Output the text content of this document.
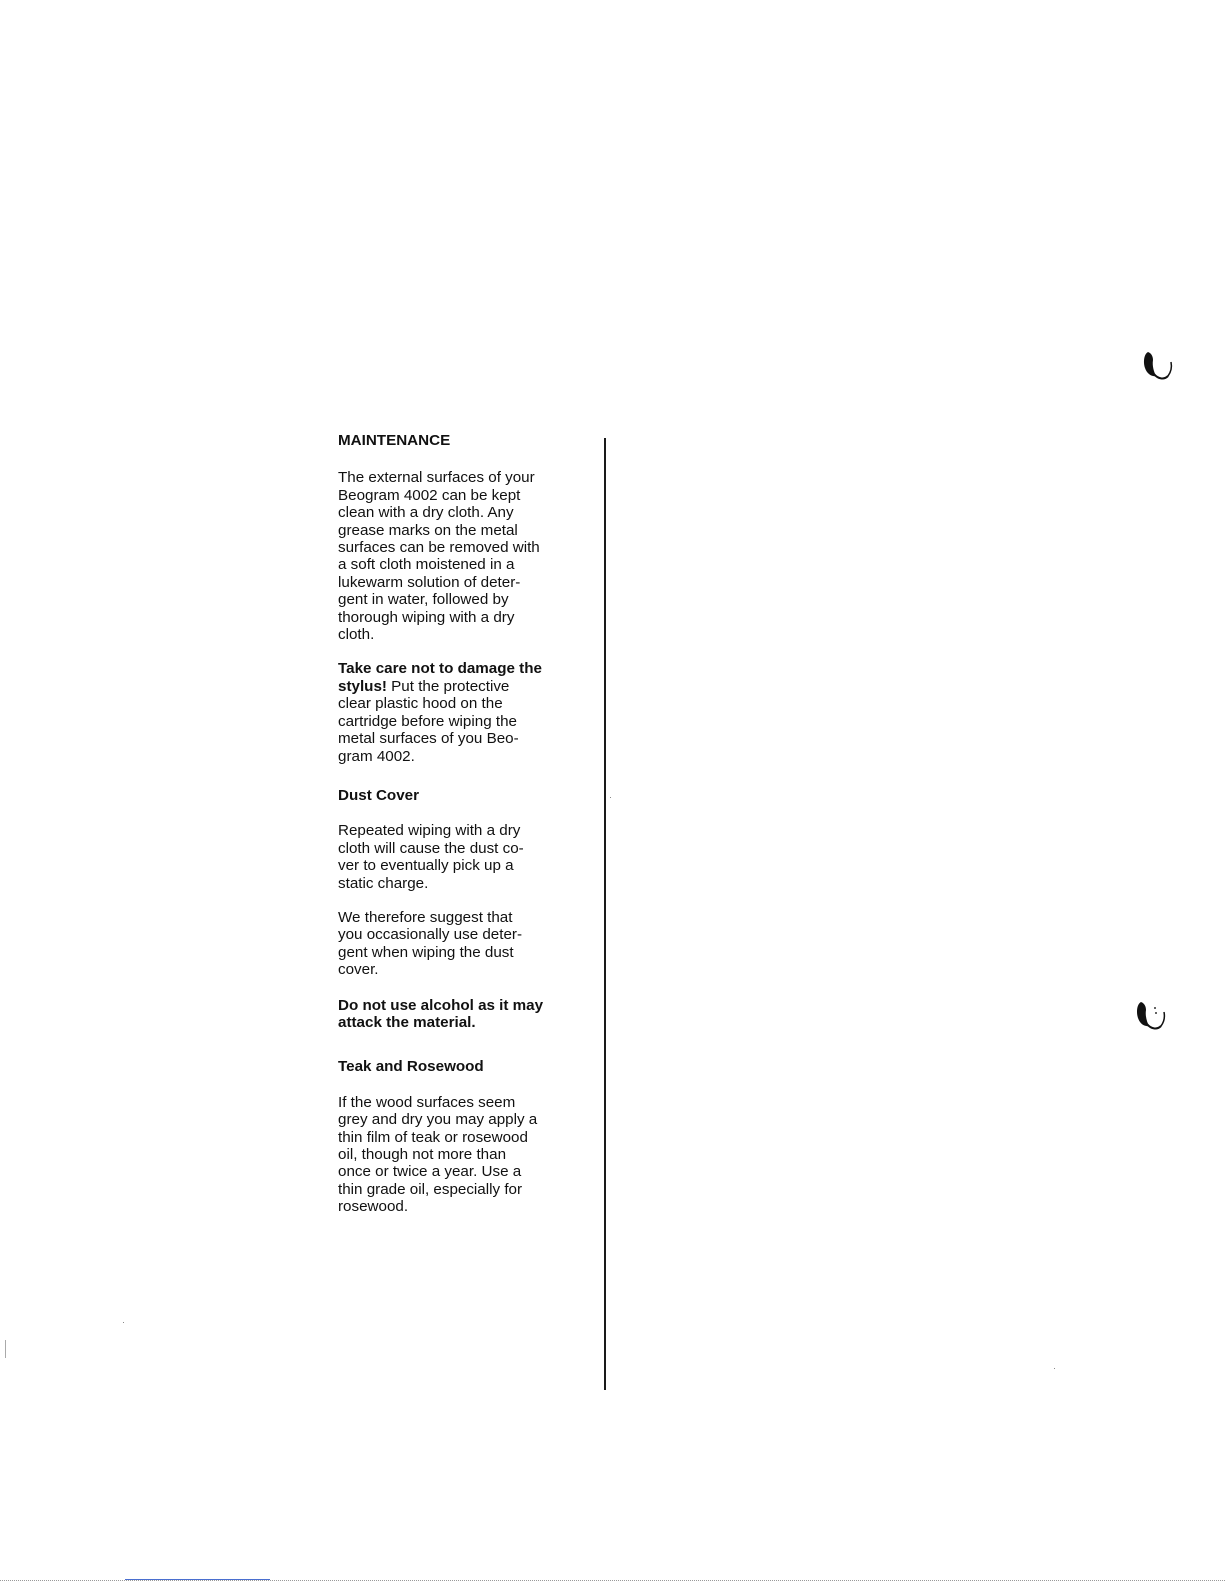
MAINTENANCE

The external surfaces of your

Beogram 4002 can be kept

clean with a dry cloth. Any

grease marks on the metal

surfaces can be removed with

a soft cloth moistened in a

lukewarm solution of deter-

gent in water, followed by

thorough wiping with a dry

cloth.

Take care not to damage the

stylus! Put the protective

clear plastic hood on the

cartridge before wiping the

metal surfaces of you Beo-

gram 4002.

Dust Cover

Repeated wiping with a dry

cloth will cause the dust co-

ver to eventually pick up a

static charge.

We therefore suggest that

you occasionally use deter-

gent when wiping the dust

cover.

Do not use alcohol as it may

attack the material.

Teak and Rosewood

If the wood surfaces seem

grey and dry you may apply a

thin film of teak or rosewood

oil, though not more than

once or twice a year. Use a

thin grade oil, especially for

rosewood.
